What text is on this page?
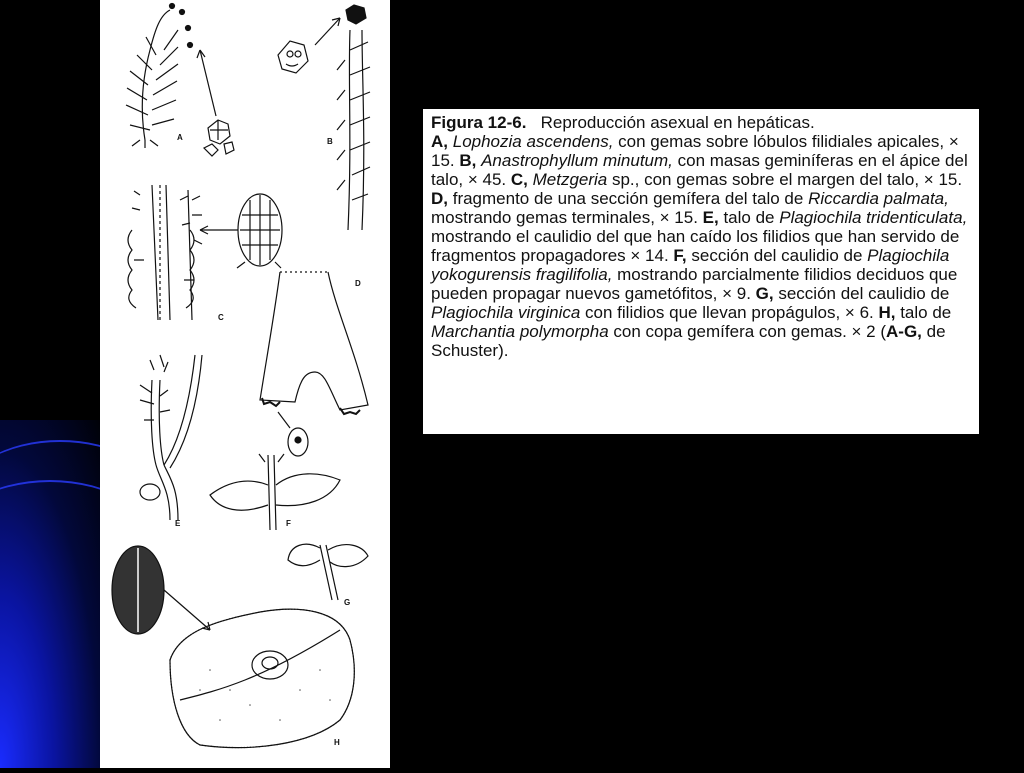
A	B
C
D
E	F
G
H
Figura 12-6. Reproducción asexual en hepáticas.
A, Lophozia ascendens, con gemas sobre lóbulos filidiales apicales, × 15. B, Anastrophyllum minutum, con masas geminíferas en el ápice del talo, × 45. C, Metzgeria sp., con gemas sobre el margen del talo, × 15. D, fragmento de una sección gemífera del talo de Riccardia palmata, mostrando gemas terminales, × 15. E, talo de Plagiochila tridenticulata, mostrando el caulidio del que han caído los filidios que han servido de fragmentos propagadores × 14. F, sección del caulidio de Plagiochila yokogurensis fragilifolia, mostrando parcialmente filidios deciduos que pueden propagar nuevos gametófitos, × 9. G, sección del caulidio de Plagiochila virginica con filidios que llevan propágulos, × 6. H, talo de Marchantia polymorpha con copa gemífera con gemas. × 2 (A-G, de Schuster).
